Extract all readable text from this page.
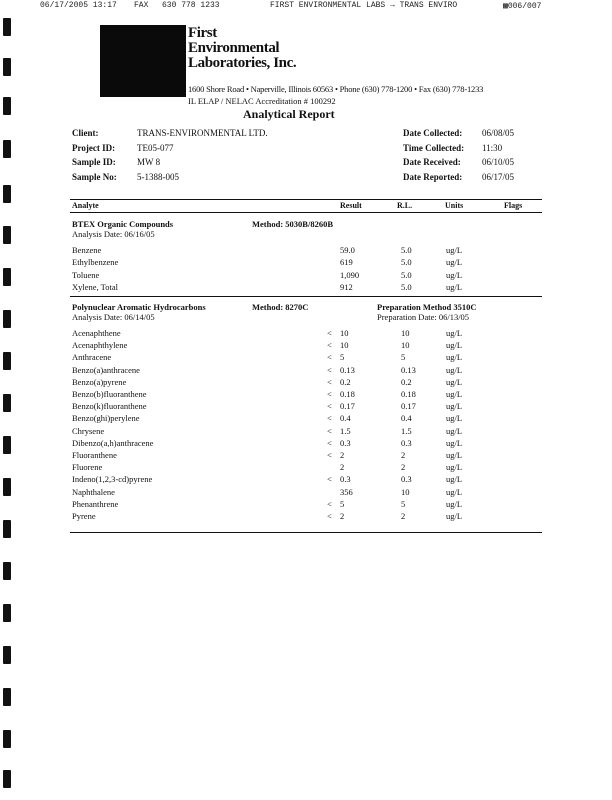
06/17/2005 13:17 FAX 630 778 1233	FIRST ENVIRONMENTAL LABS → TRANS ENVIRO	▩006/007
First
Environmental
Laboratories, Inc.
1600 Shore Road • Naperville, Illinois 60563 • Phone (630) 778-1200 • Fax (630) 778-1233
IL ELAP / NELAC Accreditation # 100292
Analytical Report
Client:	TRANS-ENVIRONMENTAL LTD.
Project ID: TE05-077
Sample ID: MW 8
Sample No: 5-1388-005
Date Collected: 06/08/05
Time Collected: 11:30
Date Received: 06/10/05
Date Reported: 06/17/05
Analyte	Result	R.L.	Units	Flags
BTEX Organic Compounds	Method: 5030B/8260B
Analysis Date: 06/16/05
Benzene	59.0	5.0	ug/L
Ethylbenzene	619	5.0	ug/L
Toluene	1,090	5.0	ug/L
Xylene, Total	912	5.0	ug/L
Polynuclear Aromatic Hydrocarbons	Method: 8270C	Preparation Method 3510C
Analysis Date: 06/14/05	Preparation Date: 06/13/05
Acenaphthene	< 10	10	ug/L
Acenaphthylene	< 10	10	ug/L
Anthracene	< 5	5	ug/L
Benzo(a)anthracene	< 0.13	0.13	ug/L
Benzo(a)pyrene	< 0.2	0.2	ug/L
Benzo(b)fluoranthene	< 0.18	0.18	ug/L
Benzo(k)fluoranthene	< 0.17	0.17	ug/L
Benzo(ghi)perylene	< 0.4	0.4	ug/L
Chrysene	< 1.5	1.5	ug/L
Dibenzo(a,h)anthracene	< 0.3	0.3	ug/L
Fluoranthene	< 2	2	ug/L
Fluorene	2	2	ug/L
Indeno(1,2,3-cd)pyrene	< 0.3	0.3	ug/L
Naphthalene	356	10	ug/L
Phenanthrene	< 5	5	ug/L
Pyrene	< 2	2	ug/L
